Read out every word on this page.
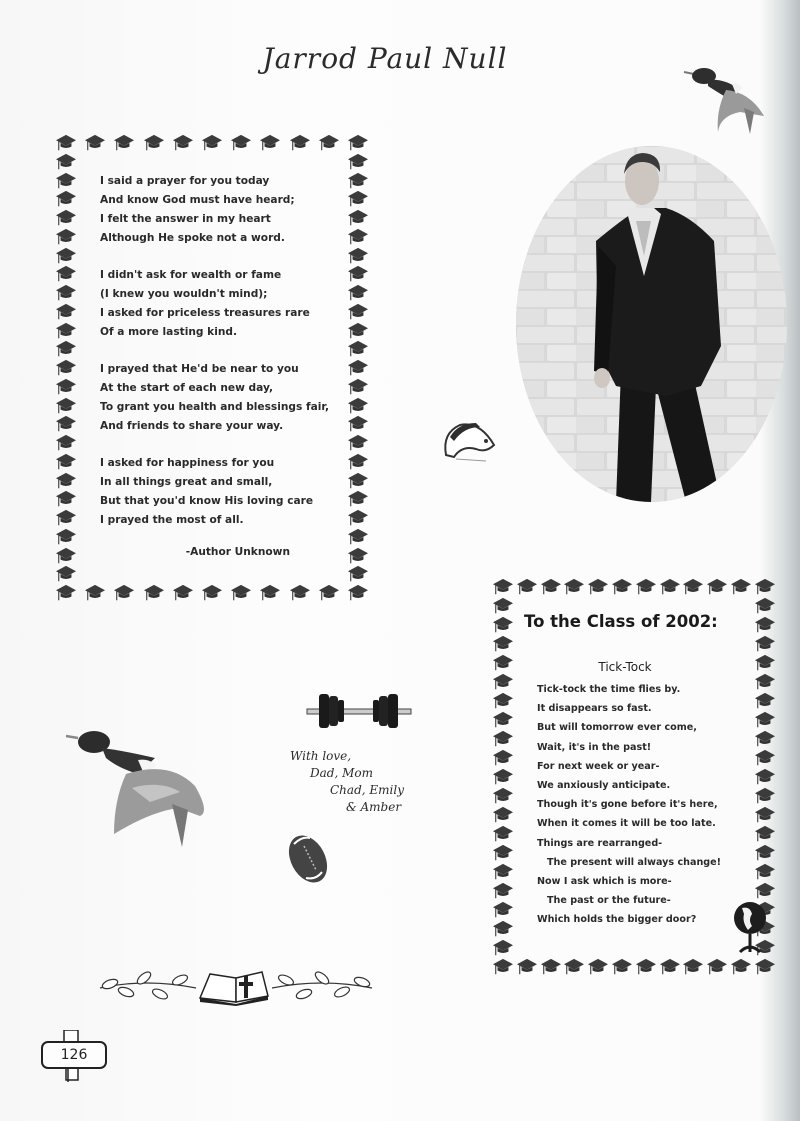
Jarrod Paul Null
I said a prayer for you today
And know God must have heard;
I felt the answer in my heart
Although He spoke not a word.
I didn't ask for wealth or fame
(I knew you wouldn't mind);
I asked for priceless treasures rare
Of a more lasting kind.
I prayed that He'd be near to you
At the start of each new day,
To grant you health and blessings fair,
And friends to share your way.
I asked for happiness for you
In all things great and small,
But that you'd know His loving care
I prayed the most of all.
-Author Unknown
To the Class of 2002:
Tick-Tock
Tick-tock the time flies by.
It disappears so fast.
But will tomorrow ever come,
Wait, it's in the past!
For next week or year-
We anxiously anticipate.
Though it's gone before it's here,
When it comes it will be too late.
Things are rearranged-
The present will always change!
Now I ask which is more-
The past or the future-
Which holds the bigger door?
With love,
Dad, Mom
Chad, Emily
& Amber
126
